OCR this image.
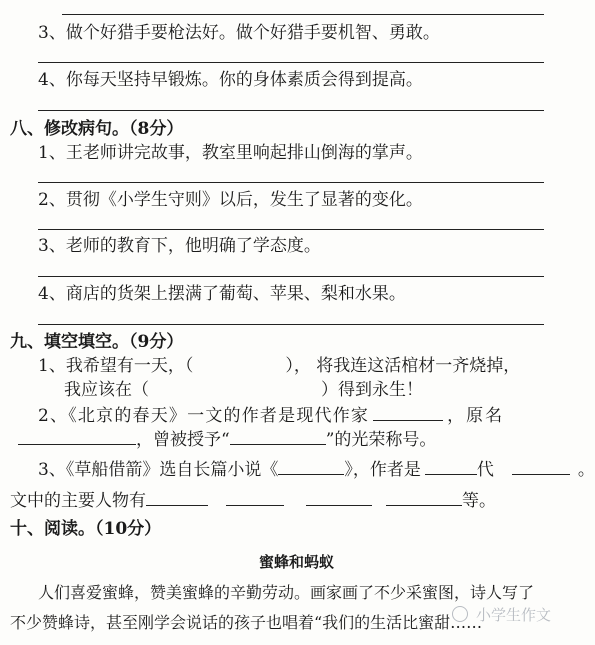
3、做个好猎手要枪法好。做个好猎手要机智、勇敢。
4、你每天坚持早锻炼。你的身体素质会得到提高。
八、修改病句。（8分）
1、王老师讲完故事，教室里响起排山倒海的掌声。
2、贯彻《小学生守则》以后，发生了显著的变化。
3、老师的教育下，他明确了学态度。
4、商店的货架上摆满了葡萄、苹果、梨和水果。
九、填空填空。（9分）
1、我希望有一天，（	）， 将我连这活棺材一齐烧掉，
我应该在（	）得到永生！
2、《北京的春天》一文的作者是现代作家	，原名
，曾被授予“	”的光荣称号。
3、《草船借箭》选自长篇小说《	》，作者是	代	。
文中的主要人物有	等。
十、阅读。（10分）
蜜蜂和蚂蚁
人们喜爱蜜蜂，赞美蜜蜂的辛勤劳动。画家画了不少采蜜图，诗人写了
不少赞蜂诗，甚至刚学会说话的孩子也唱着“我们的生活比蜜甜……
小学生作文
